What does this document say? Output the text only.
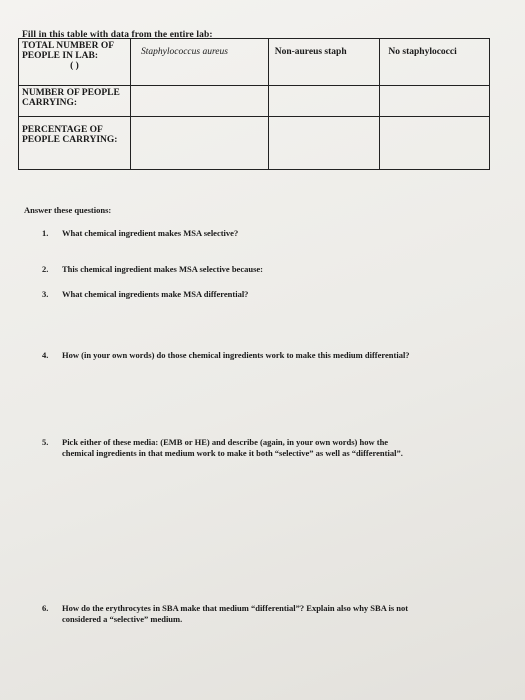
Fill in this table with data from the entire lab:
TOTAL NUMBER OF
PEOPLE IN LAB:
( )	Staphylococcus aureus	Non-aureus staph	No staphylococci
NUMBER OF PEOPLE CARRYING:			
PERCENTAGE OF PEOPLE CARRYING:			
Answer these questions:
1. What chemical ingredient makes MSA selective?
2. This chemical ingredient makes MSA selective because:
3. What chemical ingredients make MSA differential?
4. How (in your own words) do those chemical ingredients work to make this medium differential?
5. Pick either of these media: (EMB or HE) and describe (again, in your own words) how the
chemical ingredients in that medium work to make it both “selective” as well as “differential”.
6. How do the erythrocytes in SBA make that medium “differential”? Explain also why SBA is not
considered a “selective” medium.
